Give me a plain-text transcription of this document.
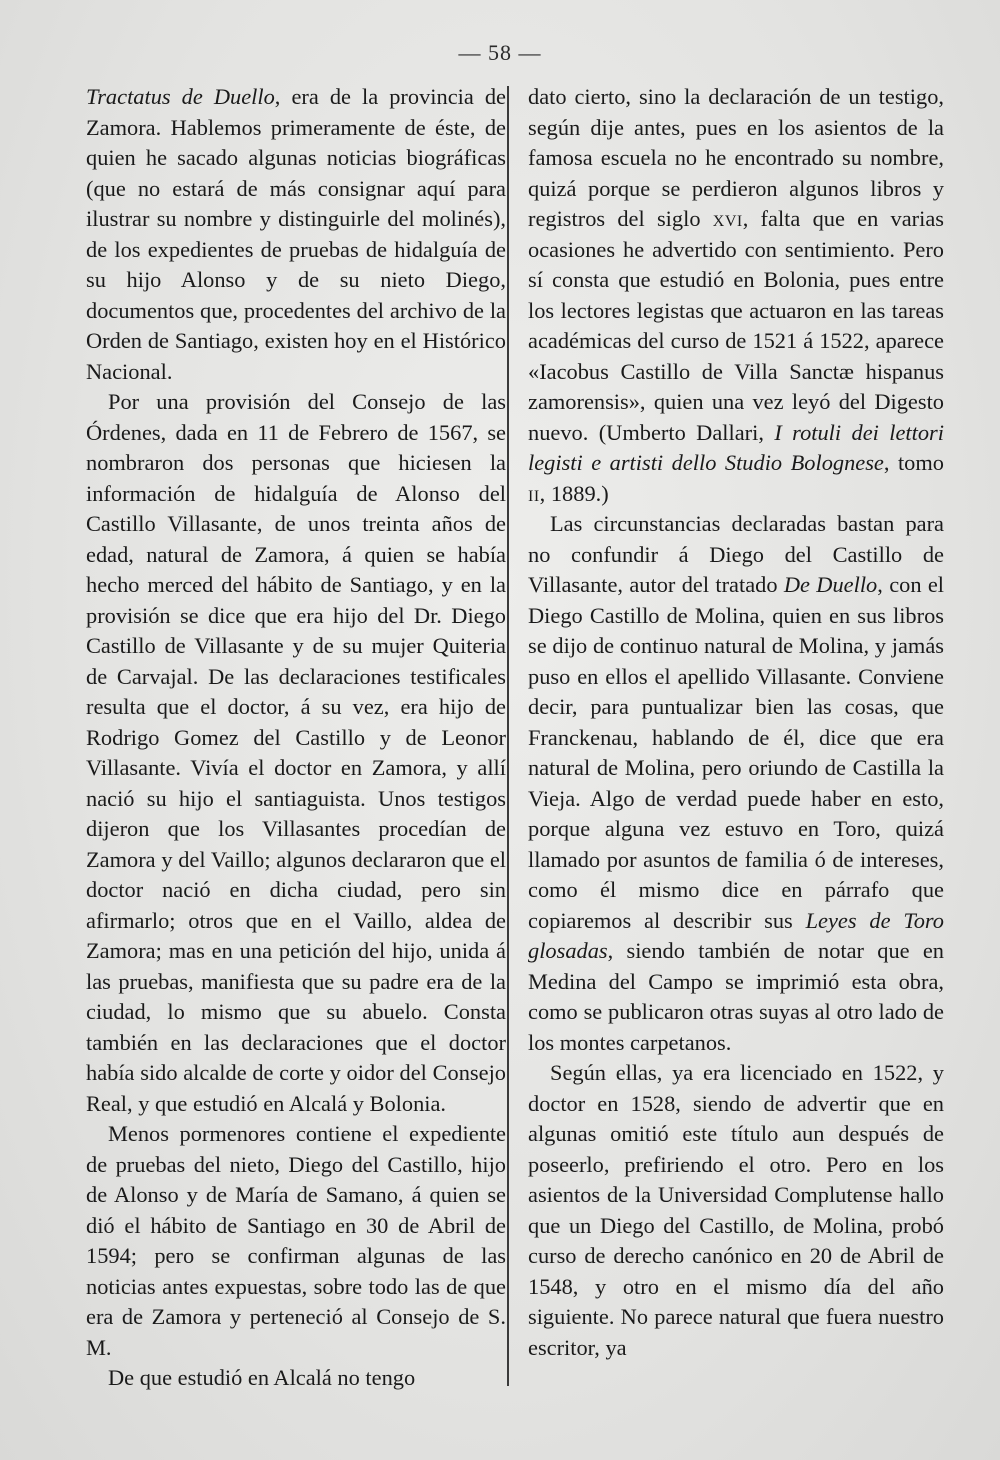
— 58 —

Tractatus de Duello, era de la provincia de Zamora. Hablemos primeramente de éste, de quien he sacado algunas noticias biográficas (que no estará de más consignar aquí para ilustrar su nombre y distinguirle del molinés), de los expedientes de pruebas de hidalguía de su hijo Alonso y de su nieto Diego, documentos que, procedentes del archivo de la Orden de Santiago, existen hoy en el Histórico Nacional.

Por una provisión del Consejo de las Órdenes, dada en 11 de Febrero de 1567, se nombraron dos personas que hiciesen la información de hidalguía de Alonso del Castillo Villasante, de unos treinta años de edad, natural de Zamora, á quien se había hecho merced del hábito de Santiago, y en la provisión se dice que era hijo del Dr. Diego Castillo de Villasante y de su mujer Quiteria de Carvajal. De las declaraciones testificales resulta que el doctor, á su vez, era hijo de Rodrigo Gomez del Castillo y de Leonor Villasante. Vivía el doctor en Zamora, y allí nació su hijo el santiaguista. Unos testigos dijeron que los Villasantes procedían de Zamora y del Vaillo; algunos declararon que el doctor nació en dicha ciudad, pero sin afirmarlo; otros que en el Vaillo, aldea de Zamora; mas en una petición del hijo, unida á las pruebas, manifiesta que su padre era de la ciudad, lo mismo que su abuelo. Consta también en las declaraciones que el doctor había sido alcalde de corte y oidor del Consejo Real, y que estudió en Alcalá y Bolonia.

Menos pormenores contiene el expediente de pruebas del nieto, Diego del Castillo, hijo de Alonso y de María de Samano, á quien se dió el hábito de Santiago en 30 de Abril de 1594; pero se confirman algunas de las noticias antes expuestas, sobre todo las de que era de Zamora y perteneció al Consejo de S. M.

De que estudió en Alcalá no tengo

dato cierto, sino la declaración de un testigo, según dije antes, pues en los asientos de la famosa escuela no he encontrado su nombre, quizá porque se perdieron algunos libros y registros del siglo xvi, falta que en varias ocasiones he advertido con sentimiento. Pero sí consta que estudió en Bolonia, pues entre los lectores legistas que actuaron en las tareas académicas del curso de 1521 á 1522, aparece «Iacobus Castillo de Villa Sanctæ hispanus zamorensis», quien una vez leyó del Digesto nuevo. (Umberto Dallari, I rotuli dei lettori legisti e artisti dello Studio Bolognese, tomo ii, 1889.)

Las circunstancias declaradas bastan para no confundir á Diego del Castillo de Villasante, autor del tratado De Duello, con el Diego Castillo de Molina, quien en sus libros se dijo de continuo natural de Molina, y jamás puso en ellos el apellido Villasante. Conviene decir, para puntualizar bien las cosas, que Franckenau, hablando de él, dice que era natural de Molina, pero oriundo de Castilla la Vieja. Algo de verdad puede haber en esto, porque alguna vez estuvo en Toro, quizá llamado por asuntos de familia ó de intereses, como él mismo dice en párrafo que copiaremos al describir sus Leyes de Toro glosadas, siendo también de notar que en Medina del Campo se imprimió esta obra, como se publicaron otras suyas al otro lado de los montes carpetanos.

Según ellas, ya era licenciado en 1522, y doctor en 1528, siendo de advertir que en algunas omitió este título aun después de poseerlo, prefiriendo el otro. Pero en los asientos de la Universidad Complutense hallo que un Diego del Castillo, de Molina, probó curso de derecho canónico en 20 de Abril de 1548, y otro en el mismo día del año siguiente. No parece natural que fuera nuestro escritor, ya
